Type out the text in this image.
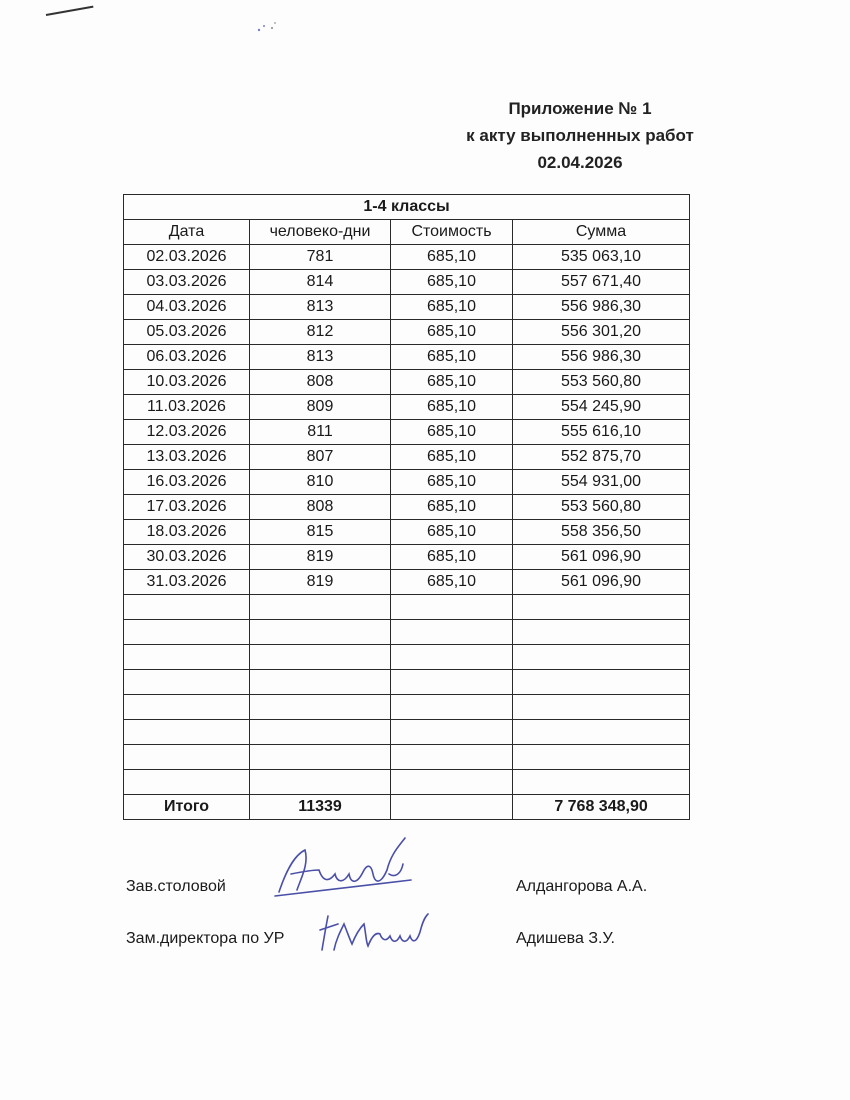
Приложение № 1
к акту выполненных работ
02.04.2026
1-4 классы			
Дата	человеко-дни	Стоимость	Сумма
02.03.2026	781	685,10	535 063,10
03.03.2026	814	685,10	557 671,40
04.03.2026	813	685,10	556 986,30
05.03.2026	812	685,10	556 301,20
06.03.2026	813	685,10	556 986,30
10.03.2026	808	685,10	553 560,80
11.03.2026	809	685,10	554 245,90
12.03.2026	811	685,10	555 616,10
13.03.2026	807	685,10	552 875,70
16.03.2026	810	685,10	554 931,00
17.03.2026	808	685,10	553 560,80
18.03.2026	815	685,10	558 356,50
30.03.2026	819	685,10	561 096,90
31.03.2026	819	685,10	561 096,90

Итого	11339		7 768 348,90
Зав.столовой	Алдангорова А.А.
Зам.директора по УР	Адишева З.У.
